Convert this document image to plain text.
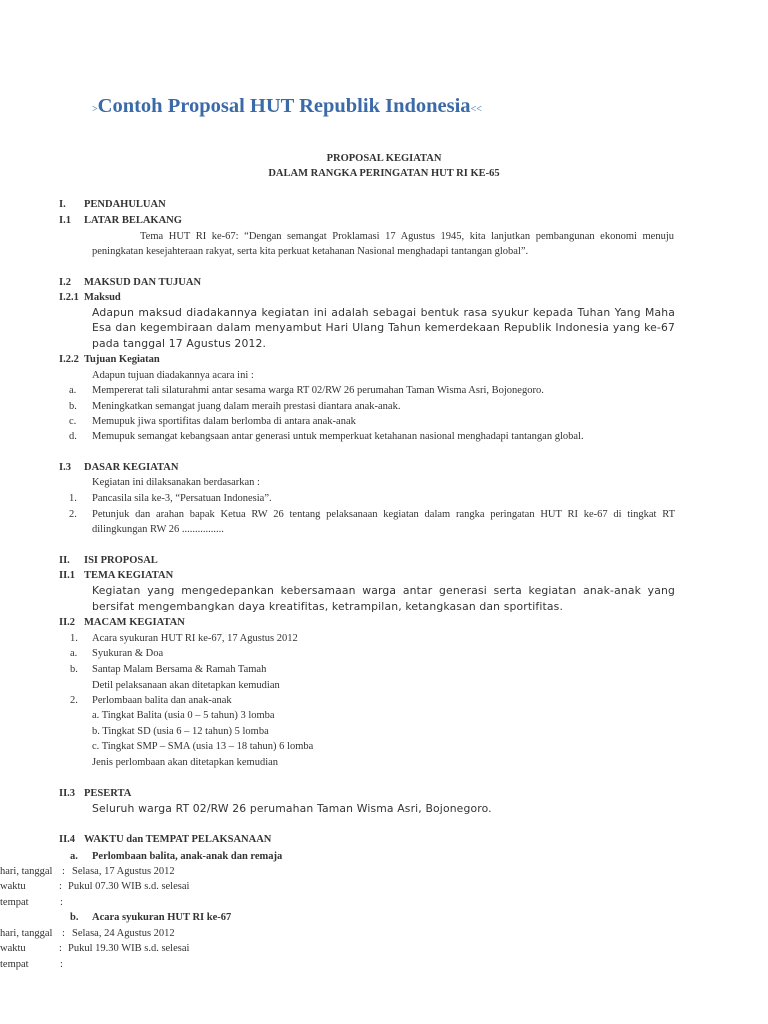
>Contoh Proposal HUT Republik Indonesia<<
PROPOSAL KEGIATAN
DALAM RANGKA PERINGATAN HUT RI KE-65
I. PENDAHULUAN
I.1 LATAR BELAKANG
Tema HUT RI ke-67: “Dengan semangat Proklamasi 17 Agustus 1945, kita lanjutkan pembangunan ekonomi menuju
peningkatan kesejahteraan rakyat, serta kita perkuat ketahanan Nasional menghadapi tantangan global”.
I.2 MAKSUD DAN TUJUAN
I.2.1 Maksud
Adapun maksud diadakannya kegiatan ini adalah sebagai bentuk rasa syukur kepada Tuhan Yang Maha
Esa dan kegembiraan dalam menyambut Hari Ulang Tahun kemerdekaan Republik Indonesia yang ke-67
pada tanggal 17 Agustus 2012.
I.2.2 Tujuan Kegiatan
Adapun tujuan diadakannya acara ini :
a. Mempererat tali silaturahmi antar sesama warga RT 02/RW 26 perumahan Taman Wisma Asri, Bojonegoro.
b. Meningkatkan semangat juang dalam meraih prestasi diantara anak-anak.
c. Memupuk jiwa sportifitas dalam berlomba di antara anak-anak
d. Memupuk semangat kebangsaan antar generasi untuk memperkuat ketahanan nasional menghadapi tantangan global.
I.3 DASAR KEGIATAN
Kegiatan ini dilaksanakan berdasarkan :
1. Pancasila sila ke-3, “Persatuan Indonesia”.
2. Petunjuk dan arahan bapak Ketua RW 26 tentang pelaksanaan kegiatan dalam rangka peringatan HUT RI ke-67 di tingkat RT
dilingkungan RW 26 ................
II. ISI PROPOSAL
II.1 TEMA KEGIATAN
Kegiatan yang mengedepankan kebersamaan warga antar generasi serta kegiatan anak-anak yang
bersifat mengembangkan daya kreatifitas, ketrampilan, ketangkasan dan sportifitas.
II.2 MACAM KEGIATAN
1. Acara syukuran HUT RI ke-67, 17 Agustus 2012
a. Syukuran & Doa
b. Santap Malam Bersama & Ramah Tamah
Detil pelaksanaan akan ditetapkan kemudian
2. Perlombaan balita dan anak-anak
a. Tingkat Balita (usia 0 – 5 tahun) 3 lomba
b. Tingkat SD (usia 6 – 12 tahun) 5 lomba
c. Tingkat SMP – SMA (usia 13 – 18 tahun) 6 lomba
Jenis perlombaan akan ditetapkan kemudian
II.3 PESERTA
Seluruh warga RT 02/RW 26 perumahan Taman Wisma Asri, Bojonegoro.
II.4 WAKTU dan TEMPAT PELAKSANAAN
a. Perlombaan balita, anak-anak dan remaja
hari, tanggal : Selasa, 17 Agustus 2012
waktu	: Pukul 07.30 WIB s.d. selesai
tempat	:
b. Acara syukuran HUT RI ke-67
hari, tanggal : Selasa, 24 Agustus 2012
waktu	: Pukul 19.30 WIB s.d. selesai
tempat	:
